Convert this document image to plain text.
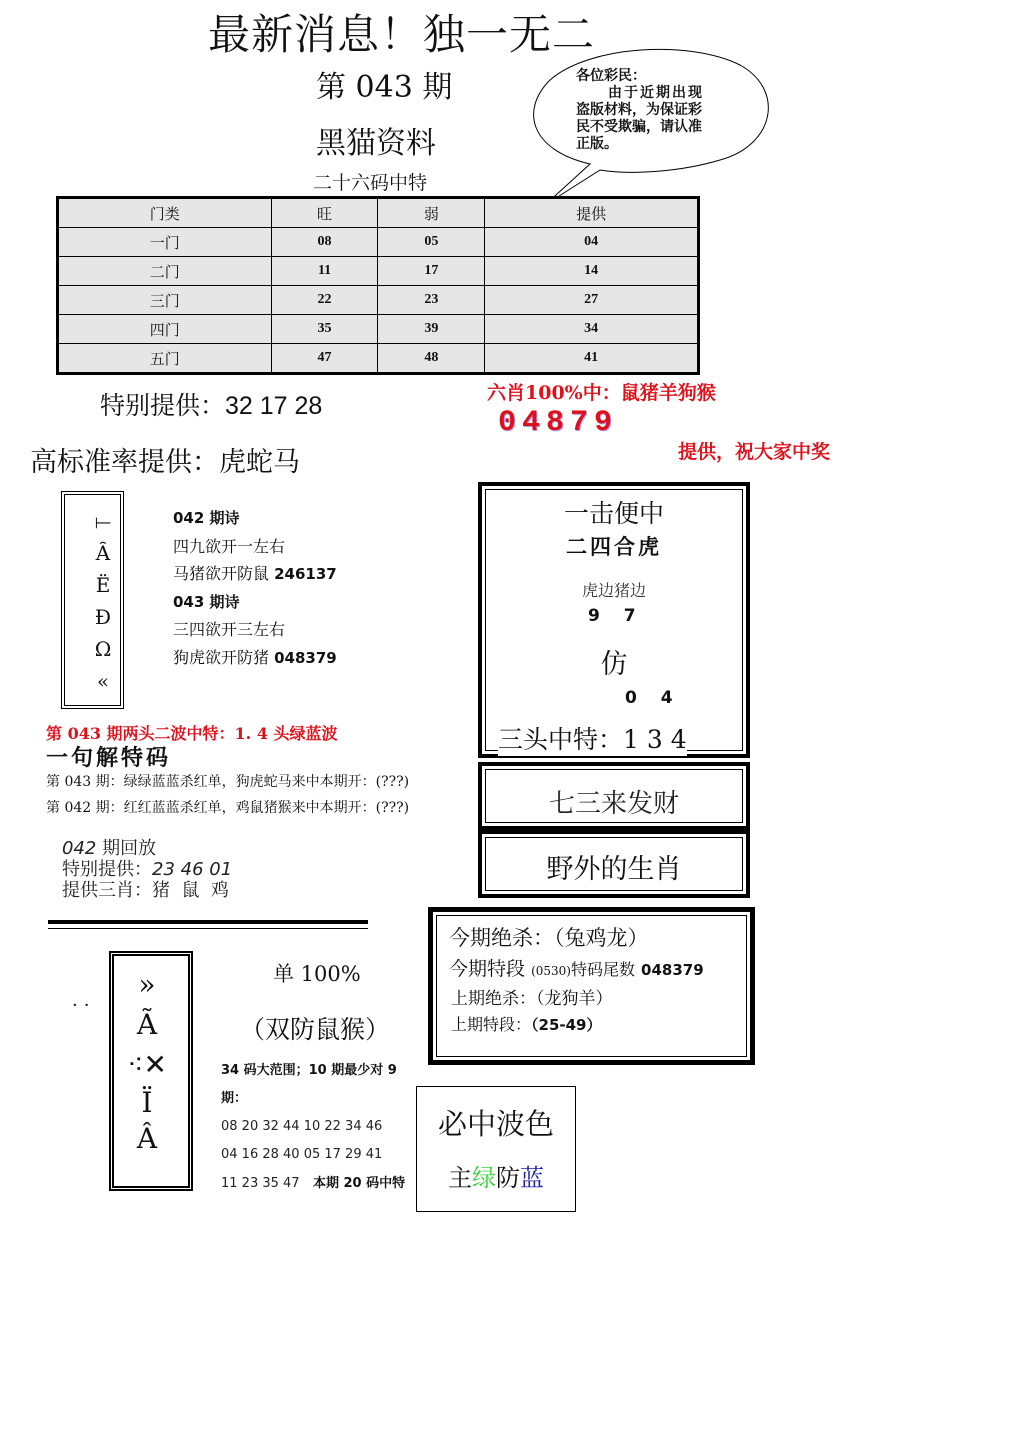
最新消息！独一无二
第 043 期
黑猫资料
二十六码中特
各位彩民：
由于近期出现
盗版材料，为保证彩
民不受欺骗，请认准
正版。
门类	旺	弱	提供
一门	08	05	04
二门	11	17	14
三门	22	23	27
四门	35	39	34
五门	47	48	41
特别提供：32 17 28
高标准率提供：虎蛇马
六肖100%中：鼠猪羊狗猴
04879
提供，祝大家中奖
⟝
Ȃ
Ë
Ð
Ω
«
042 期诗
四九欲开一左右
马猪欲开防鼠 246137
043 期诗
三四欲开三左右
狗虎欲开防猪 048379
一击便中
二四合虎
虎边猪边
9 7
仿
0 4
三头中特：1 3 4
七三来发财
野外的生肖
第 043 期两头二波中特：1. 4 头绿蓝波
一句解特码
第 043 期：绿绿蓝蓝杀红单，狗虎蛇马来中本期开：(???)
第 042 期：红红蓝蓝杀红单，鸡鼠猪猴来中本期开：(???)
042 期回放
特别提供：23 46 01
提供三肖：猪  鼠  鸡
今期绝杀：（兔鸡龙）
今期特段 (0530)特码尾数 048379
上期绝杀：（龙狗羊）
上期特段：（25-49）
··
»
Ã
⁖✕
ÏÂ
单 100%
（双防鼠猴）
34 码大范围；10 期最少对 9 期：
08 20 32 44 10 22 34 46
04 16 28 40 05 17 29 41
11 23 35 47 本期 20 码中特
必中波色
主绿防蓝
